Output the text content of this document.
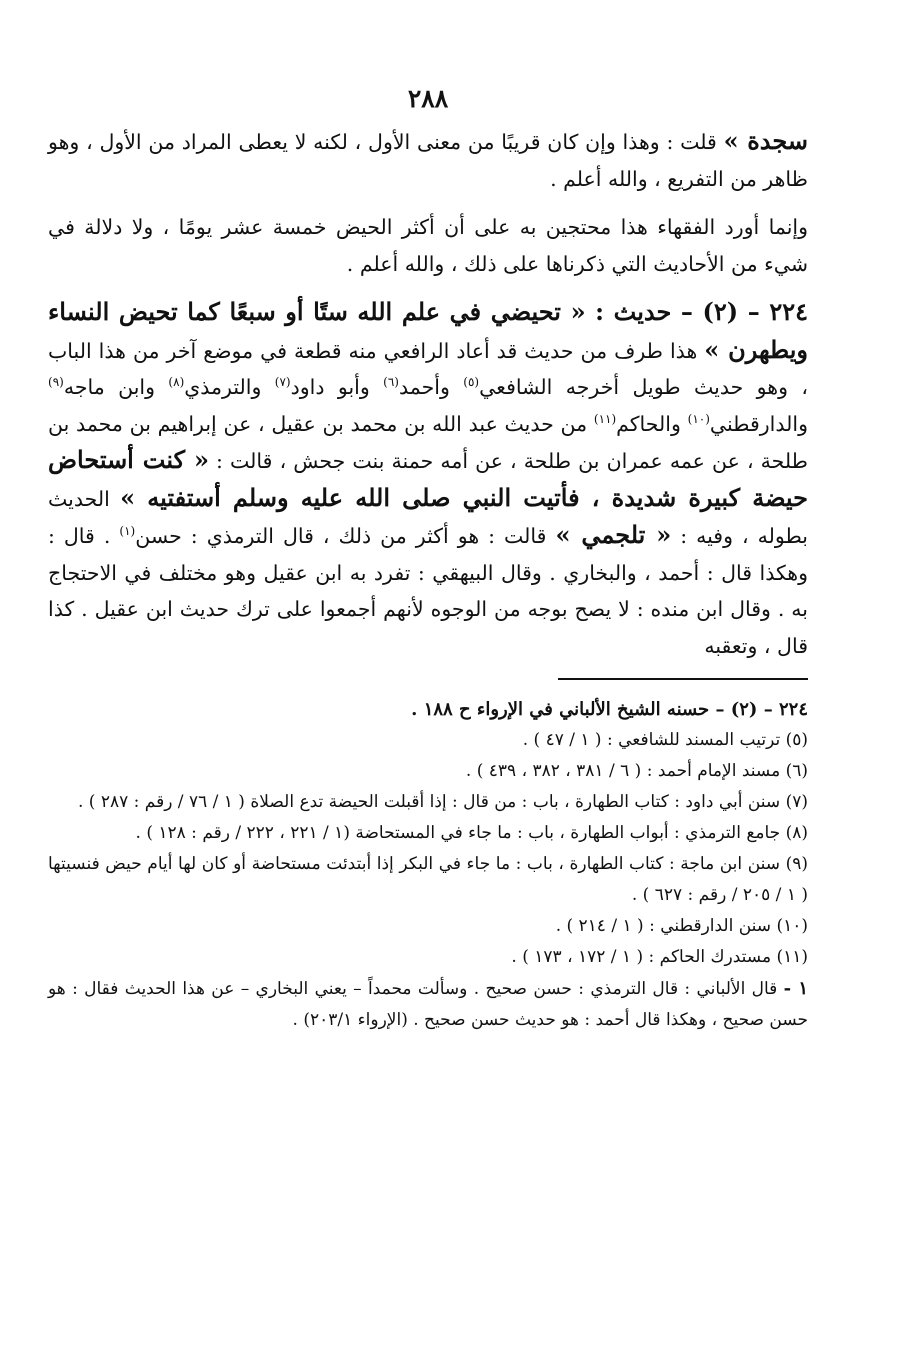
٢٨٨

سجدة » قلت : وهذا وإن كان قريبًا من معنى الأول ، لكنه لا يعطى المراد من الأول ، وهو ظاهر من التفريع ، والله أعلم .

وإنما أورد الفقهاء هذا محتجين به على أن أكثر الحيض خمسة عشر يومًا ، ولا دلالة في شيء من الأحاديث التي ذكرناها على ذلك ، والله أعلم .

٢٢٤ – (٢) – حديث : « تحيضي في علم الله ستًا أو سبعًا كما تحيض النساء ويطهرن » هذا طرف من حديث قد أعاد الرافعي منه قطعة في موضع آخر من هذا الباب ، وهو حديث طويل أخرجه الشافعي$^{(٥)}$ وأحمد$^{(٦)}$ وأبو داود$^{(٧)}$ والترمذي$^{(٨)}$ وابن ماجه$^{(٩)}$ والدارقطني$^{(١٠)}$ والحاكم$^{(١١)}$ من حديث عبد الله بن محمد بن عقيل ، عن إبراهيم بن محمد بن طلحة ، عن عمه عمران بن طلحة ، عن أمه حمنة بنت جحش ، قالت : « كنت أستحاض حيضة كبيرة شديدة ، فأتيت النبي صلى الله عليه وسلم أستفتيه » الحديث بطوله ، وفيه : « تلجمي » قالت : هو أكثر من ذلك ، قال الترمذي : حسن$^{(١)}$ . قال : وهكذا قال : أحمد ، والبخاري . وقال البيهقي : تفرد به ابن عقيل وهو مختلف في الاحتجاج به . وقال ابن منده : لا يصح بوجه من الوجوه لأنهم أجمعوا على ترك حديث ابن عقيل . كذا قال ، وتعقبه

٢٢٤ – (٢) – حسنه الشيخ الألباني في الإرواء ح ١٨٨ .

(٥) ترتيب المسند للشافعي : ( ١ / ٤٧ ) .

(٦) مسند الإمام أحمد : ( ٦ / ٣٨١ ، ٣٨٢ ، ٤٣٩ ) .

(٧) سنن أبي داود : كتاب الطهارة ، باب : من قال : إذا أقبلت الحيضة تدع الصلاة ( ١ / ٧٦ / رقم : ٢٨٧ ) .

(٨) جامع الترمذي : أبواب الطهارة ، باب : ما جاء في المستحاضة (١ / ٢٢١ ، ٢٢٢ / رقم : ١٢٨ ) .

(٩) سنن ابن ماجة : كتاب الطهارة ، باب : ما جاء في البكر إذا أبتدئت مستحاضة أو كان لها أيام حيض فنسيتها ( ١ / ٢٠٥ / رقم : ٦٢٧ ) .

(١٠) سنن الدارقطني : ( ١ / ٢١٤ ) .

(١١) مستدرك الحاكم : ( ١ / ١٧٢ ، ١٧٣ ) .

١ - قال الألباني : قال الترمذي : حسن صحيح . وسألت محمداً – يعني البخاري – عن هذا الحديث فقال : هو حسن صحيح ، وهكذا قال أحمد : هو حديث حسن صحيح . (الإرواء ٢٠٣/١) .
